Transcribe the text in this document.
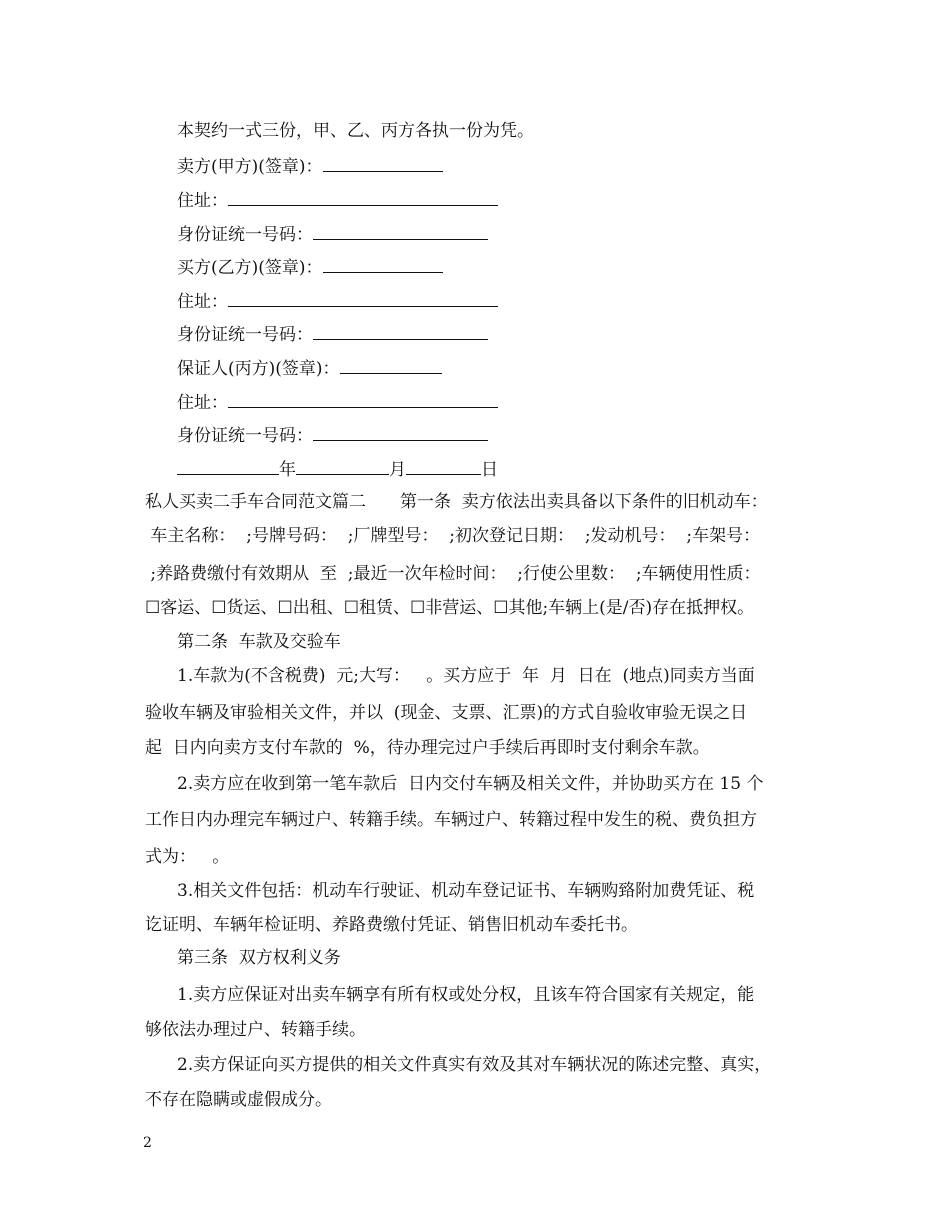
本契约一式三份，甲、乙、丙方各执一份为凭。
卖方(甲方)(签章)：
住址：
身份证统一号码：
买方(乙方)(签章)：
住址：
身份证统一号码：
保证人(丙方)(签章)：
住址：
身份证统一号码：
年	月	日
私人买卖二手车合同范文篇二　　第一条  卖方依法出卖具备以下条件的旧机动车：
车主名称：  ;号牌号码：  ;厂牌型号：  ;初次登记日期：  ;发动机号：  ;车架号：
;养路费缴付有效期从  至  ;最近一次年检时间：  ;行使公里数：  ;车辆使用性质：
☐客运、☐货运、☐出租、☐租赁、☐非营运、☐其他;车辆上(是/否)存在抵押权。
第二条  车款及交验车
1.车款为(不含税费)  元;大写：   。买方应于  年  月  日在  (地点)同卖方当面
验收车辆及审验相关文件，并以  (现金、支票、汇票)的方式自验收审验无误之日
起  日内向卖方支付车款的  %，待办理完过户手续后再即时支付剩余车款。
2.卖方应在收到第一笔车款后  日内交付车辆及相关文件，并协助买方在 15 个
工作日内办理完车辆过户、转籍手续。车辆过户、转籍过程中发生的税、费负担方
式为：   。
3.相关文件包括：机动车行驶证、机动车登记证书、车辆购臵附加费凭证、税
讫证明、车辆年检证明、养路费缴付凭证、销售旧机动车委托书。
第三条  双方权利义务
1.卖方应保证对出卖车辆享有所有权或处分权，且该车符合国家有关规定，能
够依法办理过户、转籍手续。
2.卖方保证向买方提供的相关文件真实有效及其对车辆状况的陈述完整、真实，
不存在隐瞒或虚假成分。
2
